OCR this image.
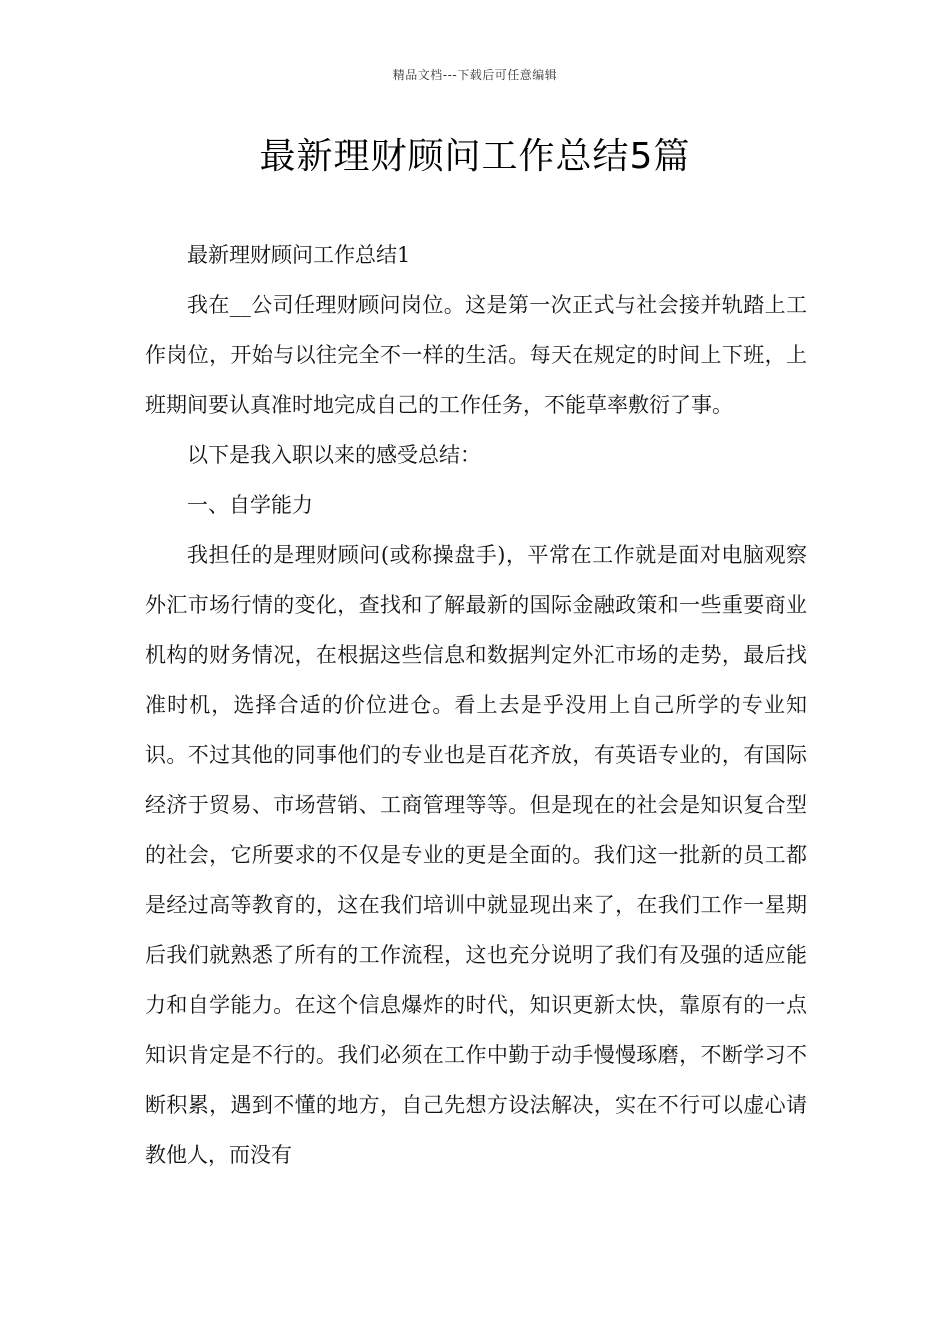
精品文档---下载后可任意编辑
最新理财顾问工作总结5篇

最新理财顾问工作总结1

我在__公司任理财顾问岗位。这是第一次正式与社会接并轨踏上工作岗位，开始与以往完全不一样的生活。每天在规定的时间上下班，上班期间要认真准时地完成自己的工作任务，不能草率敷衍了事。

以下是我入职以来的感受总结：

一、自学能力

我担任的是理财顾问(或称操盘手)，平常在工作就是面对电脑观察外汇市场行情的变化，查找和了解最新的国际金融政策和一些重要商业机构的财务情况，在根据这些信息和数据判定外汇市场的走势，最后找准时机，选择合适的价位进仓。看上去是乎没用上自己所学的专业知识。不过其他的同事他们的专业也是百花齐放，有英语专业的，有国际经济于贸易、市场营销、工商管理等等。但是现在的社会是知识复合型的社会，它所要求的不仅是专业的更是全面的。我们这一批新的员工都是经过高等教育的，这在我们培训中就显现出来了，在我们工作一星期后我们就熟悉了所有的工作流程，这也充分说明了我们有及强的适应能力和自学能力。在这个信息爆炸的时代，知识更新太快，靠原有的一点知识肯定是不行的。我们必须在工作中勤于动手慢慢琢磨，不断学习不断积累，遇到不懂的地方，自己先想方设法解决，实在不行可以虚心请教他人，而没有
